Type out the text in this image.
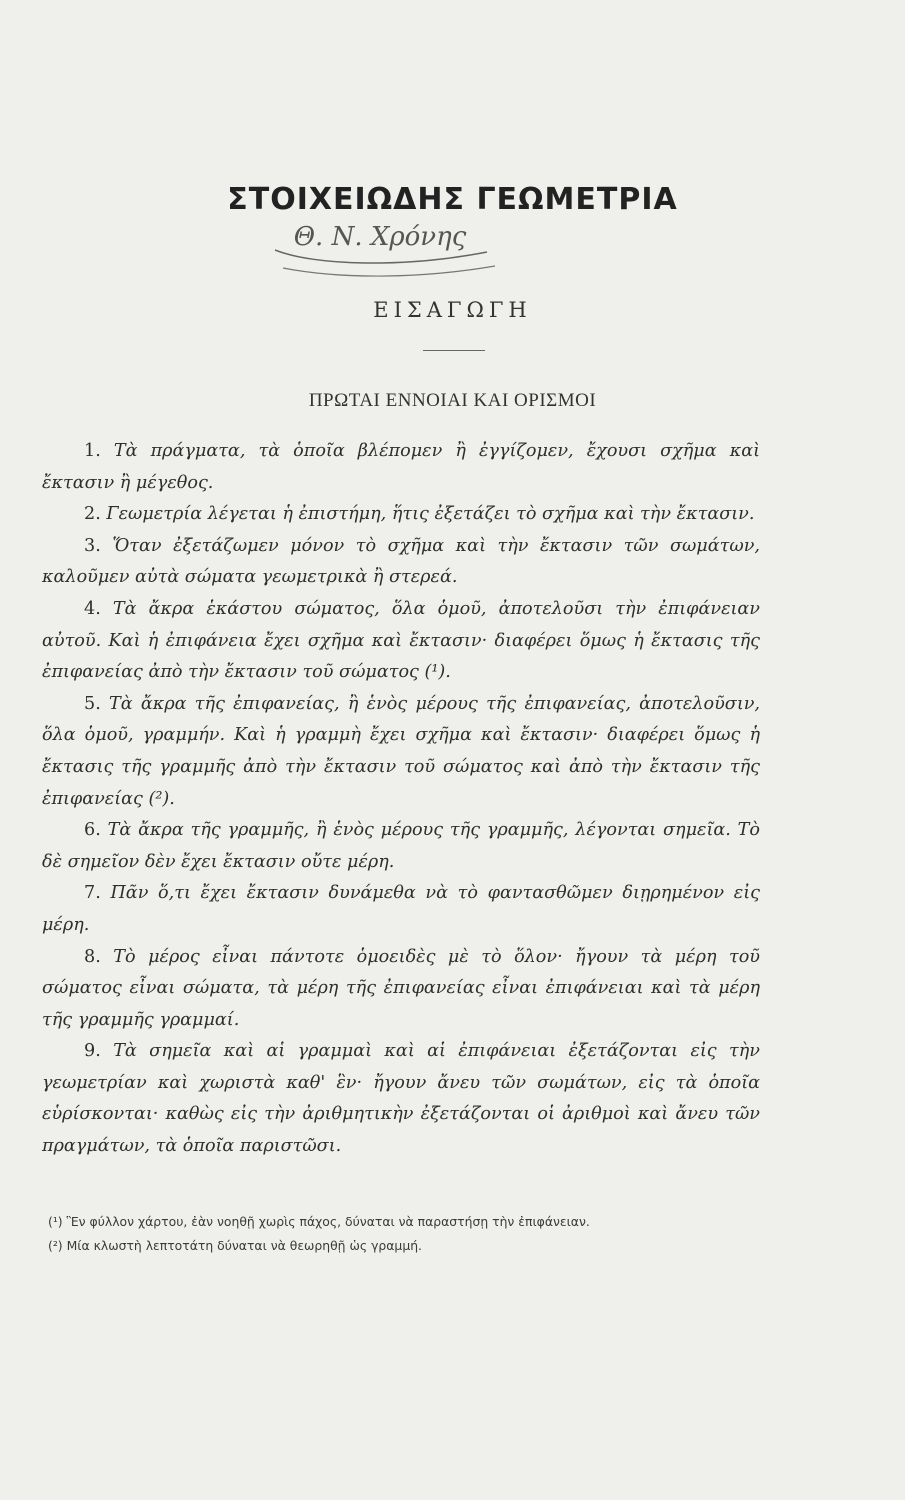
ΣΤΟΙΧΕΙΩΔΗΣ ΓΕΩΜΕΤΡΙΑ
Θ. Ν. Χρόνης
ΕΙΣΑΓΩΓΗ
ΠΡΩΤΑΙ ΕΝΝΟΙΑΙ ΚΑΙ ΟΡΙΣΜΟΙ

1. Τὰ πράγματα, τὰ ὁποῖα βλέπομεν ἢ ἐγγίζομεν, ἔχουσι σχῆμα καὶ ἔκτασιν ἢ μέγεθος.

2. Γεωμετρία λέγεται ἡ ἐπιστήμη, ἥτις ἐξετάζει τὸ σχῆμα καὶ τὴν ἔκτασιν.

3. Ὅταν ἐξετάζωμεν μόνον τὸ σχῆμα καὶ τὴν ἔκτασιν τῶν σωμάτων, καλοῦμεν αὐτὰ σώματα γεωμετρικὰ ἢ στερεά.

4. Τὰ ἄκρα ἑκάστου σώματος, ὅλα ὁμοῦ, ἀποτελοῦσι τὴν ἐπιφάνειαν αὐτοῦ. Καὶ ἡ ἐπιφάνεια ἔχει σχῆμα καὶ ἔκτασιν· διαφέρει ὅμως ἡ ἔκτασις τῆς ἐπιφανείας ἀπὸ τὴν ἔκτασιν τοῦ σώματος (¹).

5. Τὰ ἄκρα τῆς ἐπιφανείας, ἢ ἑνὸς μέρους τῆς ἐπιφανείας, ἀποτελοῦσιν, ὅλα ὁμοῦ, γραμμήν. Καὶ ἡ γραμμὴ ἔχει σχῆμα καὶ ἔκτασιν· διαφέρει ὅμως ἡ ἔκτασις τῆς γραμμῆς ἀπὸ τὴν ἔκτασιν τοῦ σώματος καὶ ἀπὸ τὴν ἔκτασιν τῆς ἐπιφανείας (²).

6. Τὰ ἄκρα τῆς γραμμῆς, ἢ ἑνὸς μέρους τῆς γραμμῆς, λέγονται σημεῖα. Τὸ δὲ σημεῖον δὲν ἔχει ἔκτασιν οὔτε μέρη.

7. Πᾶν ὅ,τι ἔχει ἔκτασιν δυνάμεθα νὰ τὸ φαντασθῶμεν διῃρημένον εἰς μέρη.

8. Τὸ μέρος εἶναι πάντοτε ὁμοειδὲς μὲ τὸ ὅλον· ἤγουν τὰ μέρη τοῦ σώματος εἶναι σώματα, τὰ μέρη τῆς ἐπιφανείας εἶναι ἐπιφάνειαι καὶ τὰ μέρη τῆς γραμμῆς γραμμαί.

9. Τὰ σημεῖα καὶ αἱ γραμμαὶ καὶ αἱ ἐπιφάνειαι ἐξετάζονται εἰς τὴν γεωμετρίαν καὶ χωριστὰ καθ' ἓν· ἤγουν ἄνευ τῶν σωμάτων, εἰς τὰ ὁποῖα εὑρίσκονται· καθὼς εἰς τὴν ἀριθμητικὴν ἐξετάζονται οἱ ἀριθμοὶ καὶ ἄνευ τῶν πραγμάτων, τὰ ὁποῖα παριστῶσι.

(¹) Ἓν φύλλον χάρτου, ἐὰν νοηθῇ χωρὶς πάχος, δύναται νὰ παραστήσῃ τὴν ἐπιφάνειαν.

(²) Μία κλωστὴ λεπτοτάτη δύναται νὰ θεωρηθῇ ὡς γραμμή.
